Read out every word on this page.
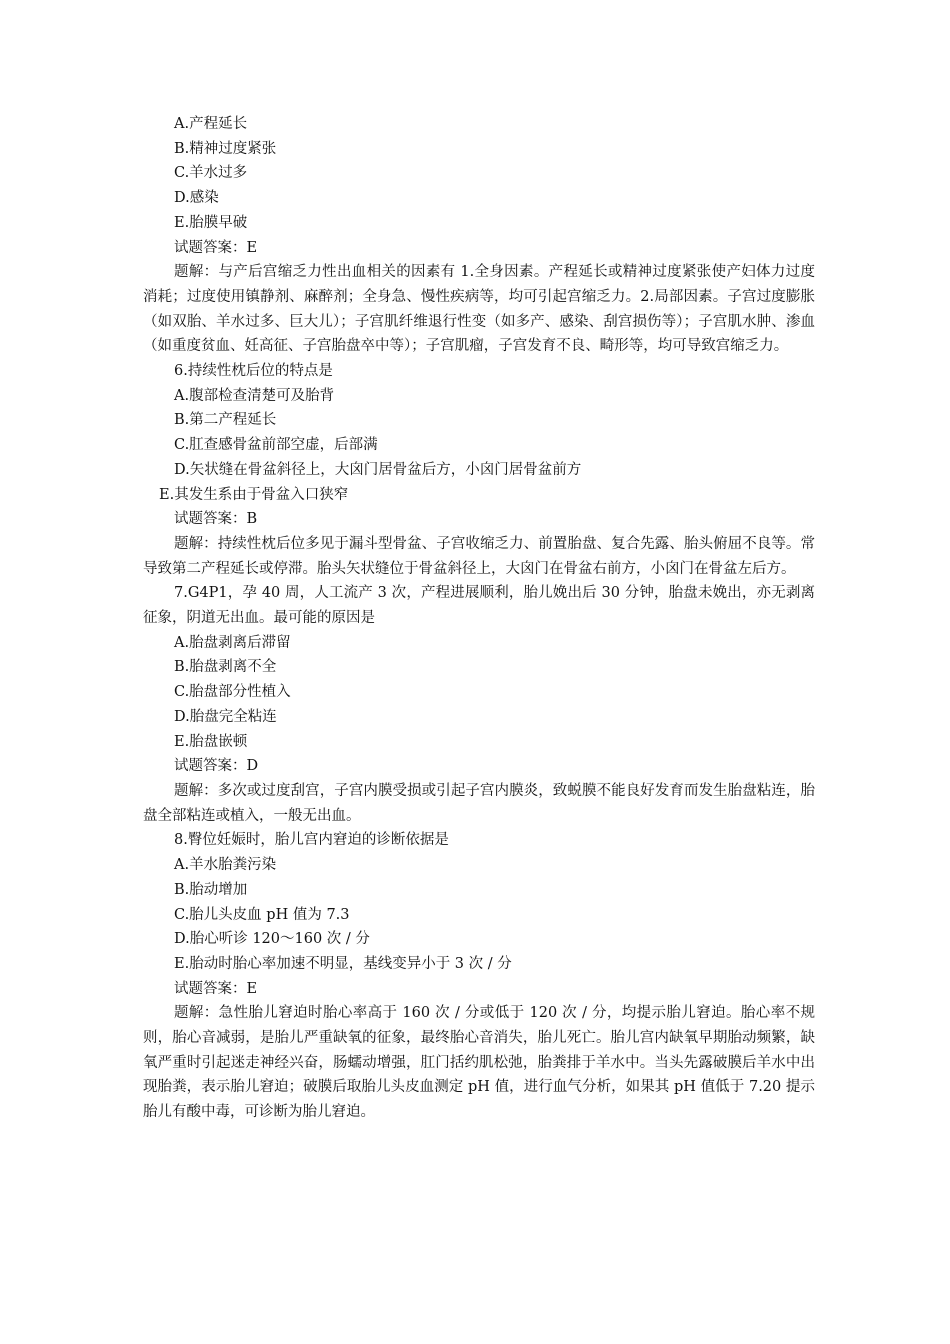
A.产程延长
B.精神过度紧张
C.羊水过多
D.感染
E.胎膜早破
试题答案：E

题解：与产后宫缩乏力性出血相关的因素有 1.全身因素。产程延长或精神过度紧张使产妇体力过度消耗；过度使用镇静剂、麻醉剂；全身急、慢性疾病等，均可引起宫缩乏力。2.局部因素。子宫过度膨胀（如双胎、羊水过多、巨大儿）；子宫肌纤维退行性变（如多产、感染、刮宫损伤等）；子宫肌水肿、渗血（如重度贫血、妊高征、子宫胎盘卒中等）；子宫肌瘤，子宫发育不良、畸形等，均可导致宫缩乏力。

6.持续性枕后位的特点是
A.腹部检查清楚可及胎背
B.第二产程延长
C.肛查感骨盆前部空虚，后部满
D.矢状缝在骨盆斜径上，大囟门居骨盆后方，小囟门居骨盆前方
E.其发生系由于骨盆入口狭窄
试题答案：B

题解：持续性枕后位多见于漏斗型骨盆、子宫收缩乏力、前置胎盘、复合先露、胎头俯屈不良等。常导致第二产程延长或停滞。胎头矢状缝位于骨盆斜径上，大囟门在骨盆右前方，小囟门在骨盆左后方。

7.G4P1，孕 40 周，人工流产 3 次，产程进展顺利，胎儿娩出后 30 分钟，胎盘未娩出，亦无剥离征象，阴道无出血。最可能的原因是

A.胎盘剥离后滞留
B.胎盘剥离不全
C.胎盘部分性植入
D.胎盘完全粘连
E.胎盘嵌顿
试题答案：D

题解：多次或过度刮宫，子宫内膜受损或引起子宫内膜炎，致蜕膜不能良好发育而发生胎盘粘连，胎盘全部粘连或植入，一般无出血。

8.臀位妊娠时，胎儿宫内窘迫的诊断依据是
A.羊水胎粪污染
B.胎动增加
C.胎儿头皮血 pH 值为 7.3
D.胎心听诊 120～160 次 / 分
E.胎动时胎心率加速不明显，基线变异小于 3 次 / 分
试题答案：E

题解：急性胎儿窘迫时胎心率高于 160 次 / 分或低于 120 次 / 分，均提示胎儿窘迫。胎心率不规则，胎心音减弱，是胎儿严重缺氧的征象，最终胎心音消失，胎儿死亡。胎儿宫内缺氧早期胎动频繁，缺氧严重时引起迷走神经兴奋，肠蠕动增强，肛门括约肌松弛，胎粪排于羊水中。当头先露破膜后羊水中出现胎粪，表示胎儿窘迫；破膜后取胎儿头皮血测定 pH 值，进行血气分析，如果其 pH 值低于 7.20 提示胎儿有酸中毒，可诊断为胎儿窘迫。
